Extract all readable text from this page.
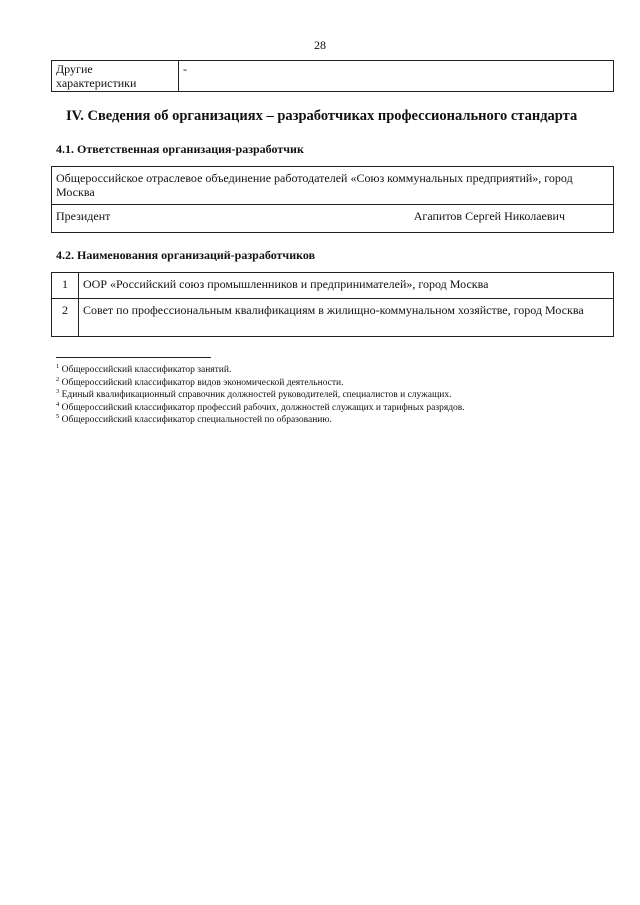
28
Другие характеристики	-
IV. Сведения об организациях – разработчиках профессионального стандарта
4.1. Ответственная организация-разработчик
Общероссийское отраслевое объединение работодателей «Союз коммунальных предприятий», город Москва

Президент	Агапитов Сергей Николаевич
4.2. Наименования организаций-разработчиков
1	ООР «Российский союз промышленников и предпринимателей», город Москва
2	Совет по профессиональным квалификациям в жилищно-коммунальном хозяйстве, город Москва
$^1$ Общероссийский классификатор занятий.
$^2$ Общероссийский классификатор видов экономической деятельности.
$^3$ Единый квалификационный справочник должностей руководителей, специалистов и служащих.
$^4$ Общероссийский классификатор профессий рабочих, должностей служащих и тарифных разрядов.
$^5$ Общероссийский классификатор специальностей по образованию.
